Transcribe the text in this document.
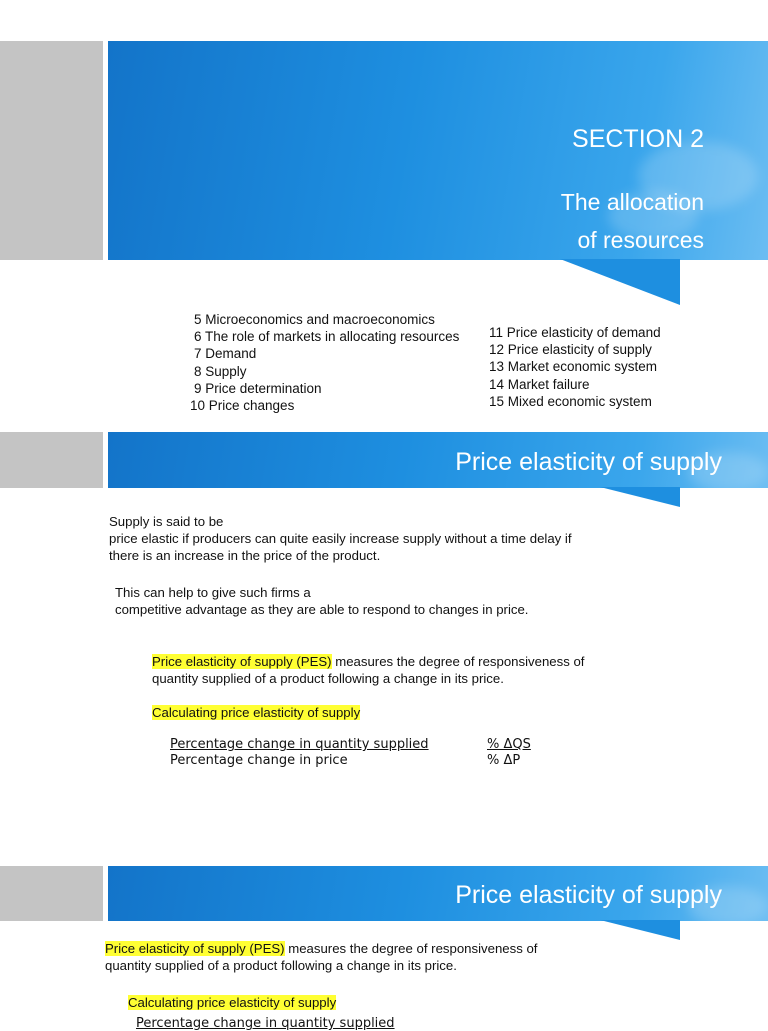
SECTION 2
The allocation
of resources
5 Microeconomics and macroeconomics
6 The role of markets in allocating resources
7 Demand
8 Supply
9 Price determination
10 Price changes
11 Price elasticity of demand
12 Price elasticity of supply
13 Market economic system
14 Market failure
15 Mixed economic system
Price elasticity of supply
Supply is said to be
price elastic if producers can quite easily increase supply without a time delay if
there is an increase in the price of the product.
This can help to give such firms a
competitive advantage as they are able to respond to changes in price.
Price elasticity of supply (PES) measures the degree of responsiveness of
quantity supplied of a product following a change in its price.
Calculating price elasticity of supply
Percentage change in quantity supplied
Percentage change in price
% ΔQS
% ΔP
Price elasticity of supply
Price elasticity of supply (PES) measures the degree of responsiveness of
quantity supplied of a product following a change in its price.
Calculating price elasticity of supply
Percentage change in quantity supplied
